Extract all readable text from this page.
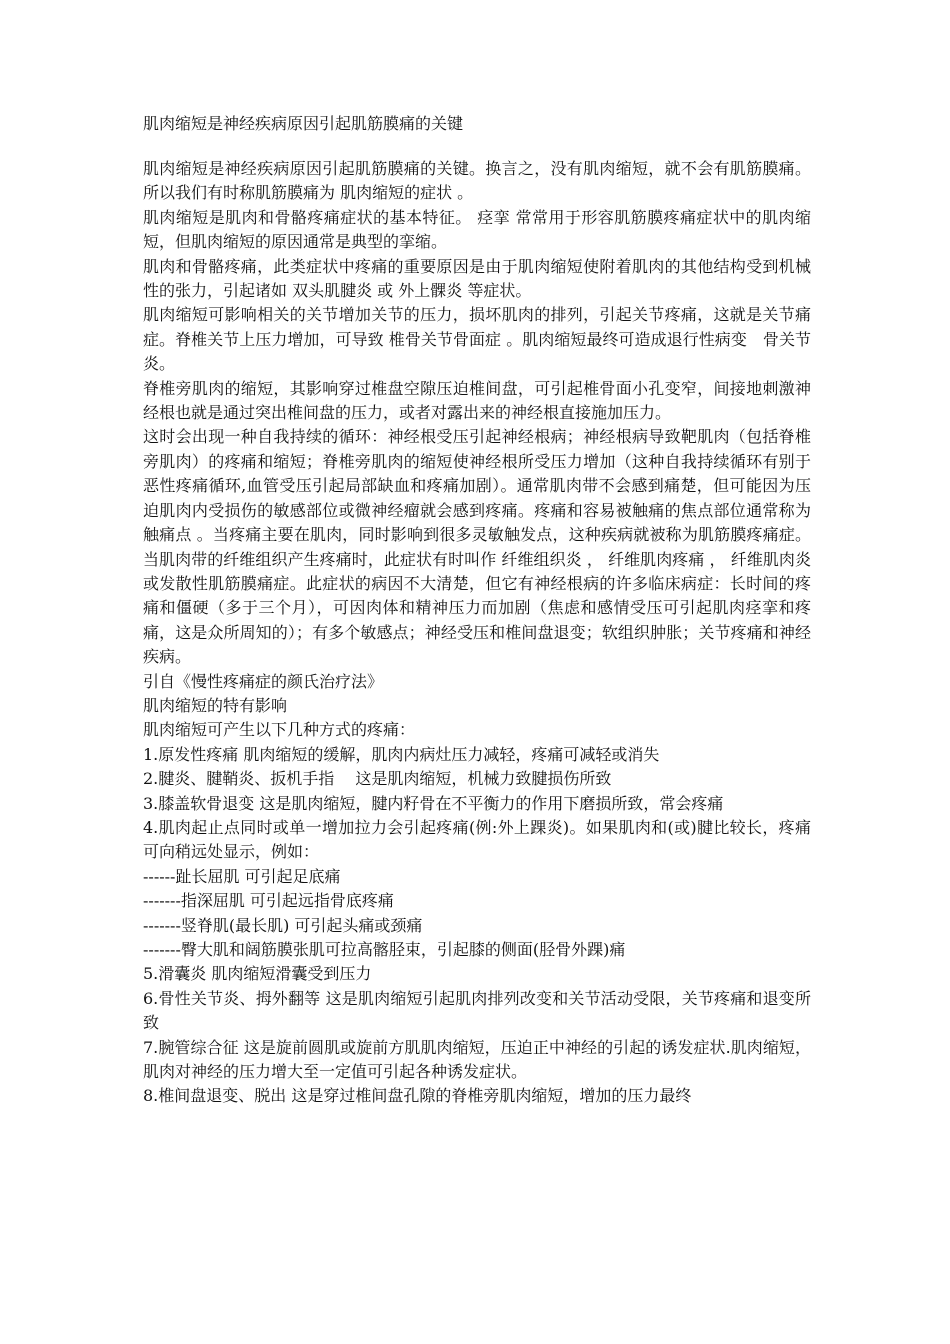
肌肉缩短是神经疾病原因引起肌筋膜痛的关键

肌肉缩短是神经疾病原因引起肌筋膜痛的关键。换言之，没有肌肉缩短，就不会有肌筋膜痛。所以我们有时称肌筋膜痛为 肌肉缩短的症状 。

肌肉缩短是肌肉和骨骼疼痛症状的基本特征。 痉挛 常常用于形容肌筋膜疼痛症状中的肌肉缩短，但肌肉缩短的原因通常是典型的挛缩。

肌肉和骨骼疼痛，此类症状中疼痛的重要原因是由于肌肉缩短使附着肌肉的其他结构受到机械性的张力，引起诸如 双头肌腱炎 或 外上髁炎 等症状。

肌肉缩短可影响相关的关节增加关节的压力，损坏肌肉的排列，引起关节疼痛，这就是关节痛症。脊椎关节上压力增加，可导致 椎骨关节骨面症 。肌肉缩短最终可造成退行性病变　骨关节炎。

脊椎旁肌肉的缩短，其影响穿过椎盘空隙压迫椎间盘，可引起椎骨面小孔变窄，间接地刺激神经根也就是通过突出椎间盘的压力，或者对露出来的神经根直接施加压力。

这时会出现一种自我持续的循环：神经根受压引起神经根病；神经根病导致靶肌肉（包括脊椎旁肌肉）的疼痛和缩短；脊椎旁肌肉的缩短使神经根所受压力增加（这种自我持续循环有别于恶性疼痛循环,血管受压引起局部缺血和疼痛加剧）。通常肌肉带不会感到痛楚，但可能因为压迫肌肉内受损伤的敏感部位或微神经瘤就会感到疼痛。疼痛和容易被触痛的焦点部位通常称为 触痛点 。当疼痛主要在肌肉，同时影响到很多灵敏触发点，这种疾病就被称为肌筋膜疼痛症。当肌肉带的纤维组织产生疼痛时，此症状有时叫作 纤维组织炎 ， 纤维肌肉疼痛 ， 纤维肌肉炎 或发散性肌筋膜痛症。此症状的病因不大清楚，但它有神经根病的许多临床病症：长时间的疼痛和僵硬（多于三个月），可因肉体和精神压力而加剧（焦虑和感情受压可引起肌肉痉挛和疼痛，这是众所周知的）；有多个敏感点；神经受压和椎间盘退变；软组织肿胀；关节疼痛和神经疾病。

引自《慢性疼痛症的颜氏治疗法》

肌肉缩短的特有影响

肌肉缩短可产生以下几种方式的疼痛：

1.原发性疼痛 肌肉缩短的缓解，肌肉内病灶压力减轻，疼痛可减轻或消失

2.腱炎、腱鞘炎、扳机手指　 这是肌肉缩短，机械力致腱损伤所致

3.膝盖软骨退变 这是肌肉缩短，腱内籽骨在不平衡力的作用下磨损所致，常会疼痛

4.肌肉起止点同时或单一增加拉力会引起疼痛(例:外上踝炎)。如果肌肉和(或)腱比较长，疼痛可向稍远处显示，例如：

------趾长屈肌 可引起足底痛

-------指深屈肌 可引起远指骨底疼痛

-------竖脊肌(最长肌) 可引起头痛或颈痛

-------臀大肌和阔筋膜张肌可拉高髂胫束，引起膝的侧面(胫骨外踝)痛

5.滑囊炎 肌肉缩短滑囊受到压力

6.骨性关节炎、拇外翻等 这是肌肉缩短引起肌肉排列改变和关节活动受限，关节疼痛和退变所致

7.腕管综合征 这是旋前圆肌或旋前方肌肌肉缩短，压迫正中神经的引起的诱发症状.肌肉缩短，肌肉对神经的压力增大至一定值可引起各种诱发症状。

8.椎间盘退变、脱出 这是穿过椎间盘孔隙的脊椎旁肌肉缩短，增加的压力最终
